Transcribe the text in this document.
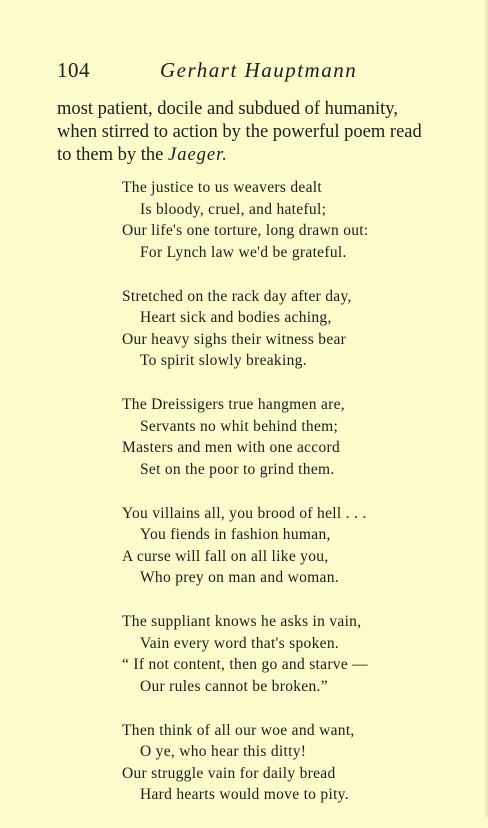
104	Gerhart Hauptmann
most patient, docile and subdued of humanity,
when stirred to action by the powerful poem read
to them by the Jaeger.
The justice to us weavers dealt
Is bloody, cruel, and hateful;
Our life's one torture, long drawn out:
For Lynch law we'd be grateful.
Stretched on the rack day after day,
Heart sick and bodies aching,
Our heavy sighs their witness bear
To spirit slowly breaking.
The Dreissigers true hangmen are,
Servants no whit behind them;
Masters and men with one accord
Set on the poor to grind them.
You villains all, you brood of hell . . .
You fiends in fashion human,
A curse will fall on all like you,
Who prey on man and woman.
The suppliant knows he asks in vain,
Vain every word that's spoken.
“ If not content, then go and starve —
Our rules cannot be broken.”
Then think of all our woe and want,
O ye, who hear this ditty!
Our struggle vain for daily bread
Hard hearts would move to pity.
